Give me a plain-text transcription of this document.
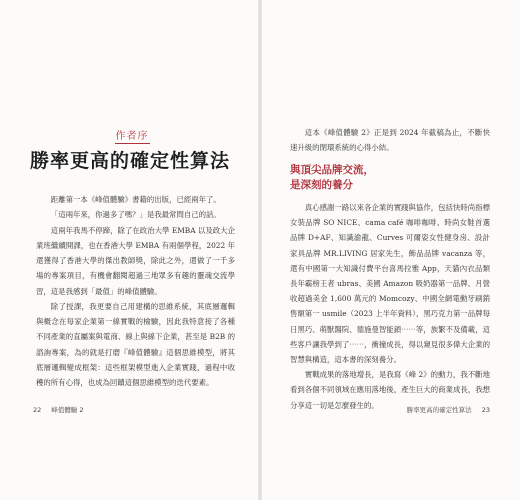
作者序
勝率更高的確定性算法

距離第一本《峰值體驗》書籍的出版，已經兩年了。

「這兩年來，你過多了嗎？」是我最常問自己的話。

這兩年我馬不停蹄，除了在政治大學 EMBA 以及政大企業班繼續開課，也在香港大學 EMBA 有兩個學程，2022 年還獲得了香港大學的傑出教師獎，除此之外，還做了一千多場的專案項目，有機會翻閱超過三地眾多有趣的靈魂交流學習，這是我感到「最值」的峰值體驗。

除了授課，我更要自己用建構的思維系統，其底層邏輯與概念在每家企業第一線實戰的檢驗，因此我特意接了各種不同產業的直屬案與電商、線上與線下企業，甚至是 B2B 的諮詢專案，為的就是打磨『峰值體驗』這個思維模型，將其底層邏輯變成框架：這些框架模型進入企業實踐，過程中收穫的所有心得，也成為回饋這個思維模型的迭代要素。

這本《峰值體驗 2》正是到 2024 年截稿為止，不斷快速升級的閉環系統的心得小結。

與頂尖品牌交流，
是深刻的養分

真心感謝一路以來各企業的實踐與協作，包括快時尚指標女裝品牌 SO NICE、cama café 咖啡咖啡、時尚女鞋首選品牌 D+AF、知識渝龍、Curves 可爾姿女性健身房、設計家具品牌 MR.LIVING 居家先生，飾品品牌 vacanza 等，還有中國第一大知識付費平台喜馬拉雅 App，天貓內衣品類長年霸榜王者 ubras、美國 Amazon 吸奶器第一品牌、月營收超過美金 1,600 萬元的 Momcozy、中國全網電動牙刷銷售額第一 usmile（2023 上半年資料），黑巧克力第一品牌每日黑巧、萌獸醫院、德施曼智能鎖⋯⋯等，族繁不及備載，這些客戶讓我學到了⋯⋯，衝撞成長，得以窺見很多偉大企業的智慧與構造，這本書的深刻養分。

實戰成果的落地增長，是我寫《峰 2》的動力，我不斷地看到各個不同領域在應用落地後，產生巨大的商業成長，我想分享這一切是怎麼發生的。

22 峰值體驗 2	勝率更高的確定性算法 23
